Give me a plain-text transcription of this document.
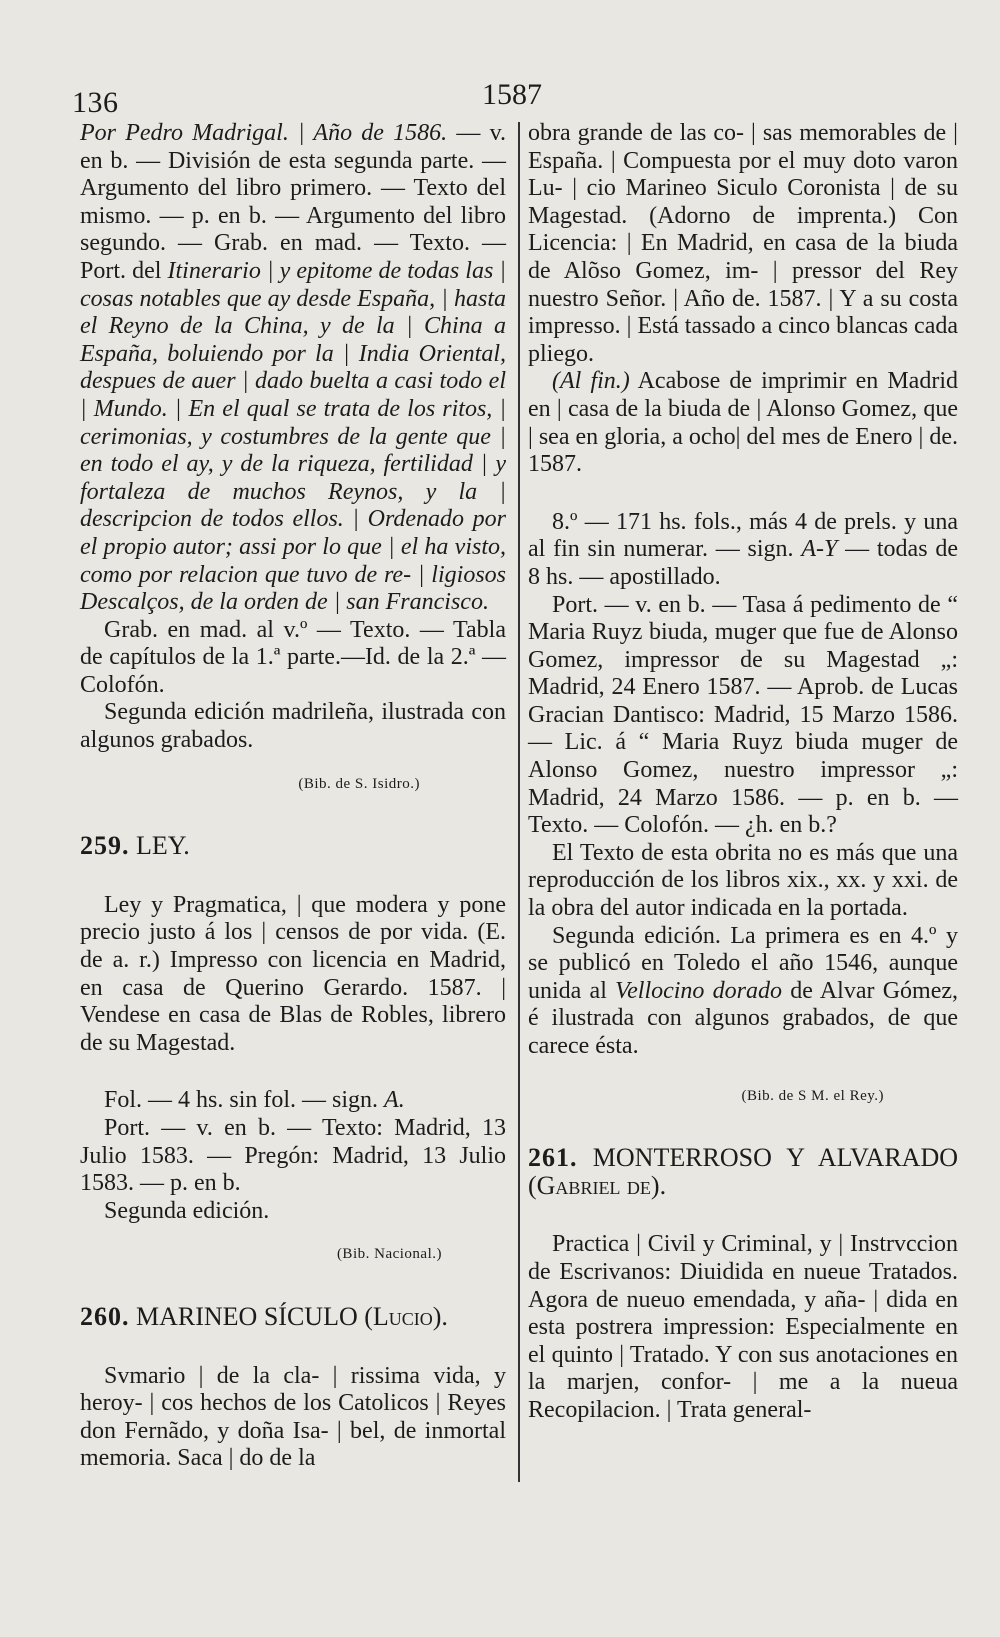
136	1587

Por Pedro Madrigal. | Año de 1586. — v. en b. — División de esta segunda parte. — Argumento del libro primero. — Texto del mismo. — p. en b. — Argumento del libro segundo. — Grab. en mad. — Texto. — Port. del Itinerario | y epitome de todas las | cosas notables que ay desde España, | hasta el Reyno de la China, y de la | China a España, boluiendo por la | India Oriental, despues de auer | dado buelta a casi todo el | Mundo. | En el qual se trata de los ritos, | cerimonias, y costumbres de la gente que | en todo el ay, y de la riqueza, fertilidad | y fortaleza de muchos Reynos, y la | descripcion de todos ellos. | Ordenado por el propio autor; assi por lo que | el ha visto, como por relacion que tuvo de re- | ligiosos Descalços, de la orden de | san Francisco.

Grab. en mad. al v.º — Texto. — Tabla de capítulos de la 1.ª parte.—Id. de la 2.ª — Colofón.

Segunda edición madrileña, ilustrada con algunos grabados.

(Bib. de S. Isidro.)

259. LEY.

Ley y Pragmatica, | que modera y pone precio justo á los | censos de por vida. (E. de a. r.) Impresso con licencia en Madrid, en casa de Querino Gerardo. 1587. | Vendese en casa de Blas de Robles, librero de su Magestad.

Fol. — 4 hs. sin fol. — sign. A.

Port. — v. en b. — Texto: Madrid, 13 Julio 1583. — Pregón: Madrid, 13 Julio 1583. — p. en b.

Segunda edición.

(Bib. Nacional.)

260. MARINEO SÍCULO (Lucio).

Svmario | de la cla- | rissima vida, y heroy- | cos hechos de los Catolicos | Reyes don Fernãdo, y doña Isa- | bel, de inmortal memoria. Saca | do de la

obra grande de las co- | sas memorables de | España. | Compuesta por el muy doto varon Lu- | cio Marineo Siculo Coronista | de su Magestad. (Adorno de imprenta.) Con Licencia: | En Madrid, en casa de la biuda de Alõso Gomez, im- | pressor del Rey nuestro Señor. | Año de. 1587. | Y a su costa impresso. | Está tassado a cinco blancas cada pliego.

(Al fin.) Acabose de imprimir en Madrid en | casa de la biuda de | Alonso Gomez, que | sea en gloria, a ocho| del mes de Enero | de. 1587.

8.º — 171 hs. fols., más 4 de prels. y una al fin sin numerar. — sign. A-Y — todas de 8 hs. — apostillado.

Port. — v. en b. — Tasa á pedimento de “ Maria Ruyz biuda, muger que fue de Alonso Gomez, impressor de su Magestad „: Madrid, 24 Enero 1587. — Aprob. de Lucas Gracian Dantisco: Madrid, 15 Marzo 1586. — Lic. á “ Maria Ruyz biuda muger de Alonso Gomez, nuestro impressor „: Madrid, 24 Marzo 1586. — p. en b. — Texto. — Colofón. — ¿h. en b.?

El Texto de esta obrita no es más que una reproducción de los libros xix., xx. y xxi. de la obra del autor indicada en la portada.

Segunda edición. La primera es en 4.º y se publicó en Toledo el año 1546, aunque unida al Vellocino dorado de Alvar Gómez, é ilustrada con algunos grabados, de que carece ésta.

(Bib. de S M. el Rey.)

261. MONTERROSO Y ALVARADO (Gabriel de).

Practica | Civil y Criminal, y | Instrvccion de Escrivanos: Diuidida en nueue Tratados. Agora de nueuo emendada, y aña- | dida en esta postrera impression: Especialmente en el quinto | Tratado. Y con sus anotaciones en la marjen, confor- | me a la nueua Recopilacion. | Trata general-
